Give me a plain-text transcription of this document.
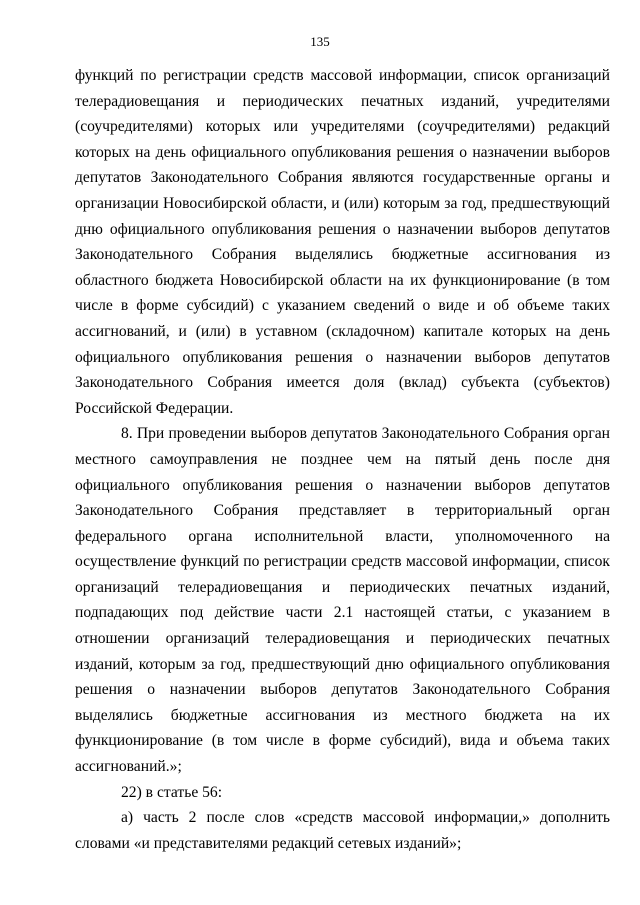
135

функций по регистрации средств массовой информации, список организаций телерадиовещания и периодических печатных изданий, учредителями (соучредителями) которых или учредителями (соучредителями) редакций которых на день официального опубликования решения о назначении выборов депутатов Законодательного Собрания являются государственные органы и организации Новосибирской области, и (или) которым за год, предшествующий дню официального опубликования решения о назначении выборов депутатов Законодательного Собрания выделялись бюджетные ассигнования из областного бюджета Новосибирской области на их функционирование (в том числе в форме субсидий) с указанием сведений о виде и об объеме таких ассигнований, и (или) в уставном (складочном) капитале которых на день официального опубликования решения о назначении выборов депутатов Законодательного Собрания имеется доля (вклад) субъекта (субъектов) Российской Федерации.

8. При проведении выборов депутатов Законодательного Собрания орган местного самоуправления не позднее чем на пятый день после дня официального опубликования решения о назначении выборов депутатов Законодательного Собрания представляет в территориальный орган федерального органа исполнительной власти, уполномоченного на осуществление функций по регистрации средств массовой информации, список организаций телерадиовещания и периодических печатных изданий, подпадающих под действие части 2.1 настоящей статьи, с указанием в отношении организаций телерадиовещания и периодических печатных изданий, которым за год, предшествующий дню официального опубликования решения о назначении выборов депутатов Законодательного Собрания выделялись бюджетные ассигнования из местного бюджета на их функционирование (в том числе в форме субсидий), вида и объема таких ассигнований.»;

22) в статье 56:

а) часть 2 после слов «средств массовой информации,» дополнить словами «и представителями редакций сетевых изданий»;
